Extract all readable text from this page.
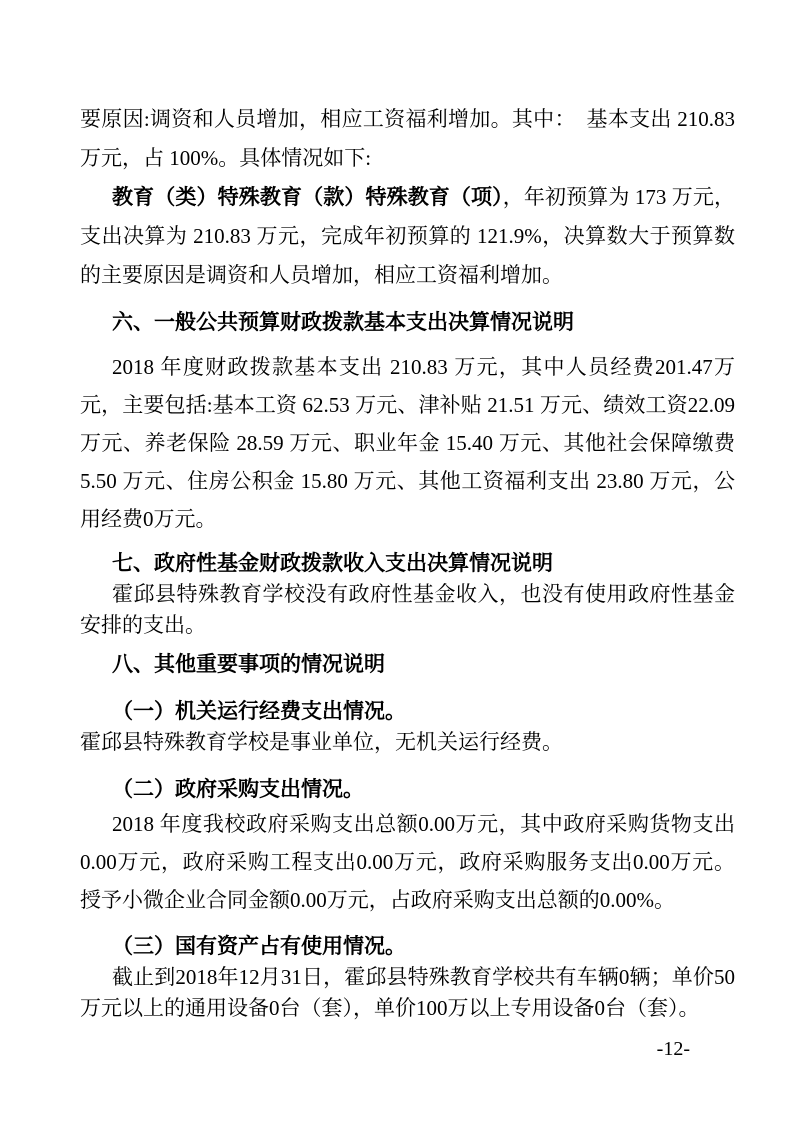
要原因:调资和人员增加，相应工资福利增加。其中：　基本支出 210.83 万元，占 100%。具体情况如下:

教育（类）特殊教育（款）特殊教育（项），年初预算为 173 万元，支出决算为 210.83 万元，完成年初预算的 121.9%，决算数大于预算数的主要原因是调资和人员增加，相应工资福利增加。

六、一般公共预算财政拨款基本支出决算情况说明

2018 年度财政拨款基本支出 210.83 万元，其中人员经费201.47万元，主要包括:基本工资 62.53 万元、津补贴 21.51 万元、绩效工资22.09 万元、养老保险 28.59 万元、职业年金 15.40 万元、其他社会保障缴费 5.50 万元、住房公积金 15.80 万元、其他工资福利支出 23.80 万元，公用经费0万元。

七、政府性基金财政拨款收入支出决算情况说明

霍邱县特殊教育学校没有政府性基金收入，也没有使用政府性基金安排的支出。

八、其他重要事项的情况说明
（一）机关运行经费支出情况。

霍邱县特殊教育学校是事业单位，无机关运行经费。

（二）政府采购支出情况。

2018 年度我校政府采购支出总额0.00万元，其中政府采购货物支出0.00万元，政府采购工程支出0.00万元，政府采购服务支出0.00万元。授予小微企业合同金额0.00万元，占政府采购支出总额的0.00%。

（三）国有资产占有使用情况。

截止到2018年12月31日，霍邱县特殊教育学校共有车辆0辆；单价50万元以上的通用设备0台（套），单价100万以上专用设备0台（套）。

-12-
